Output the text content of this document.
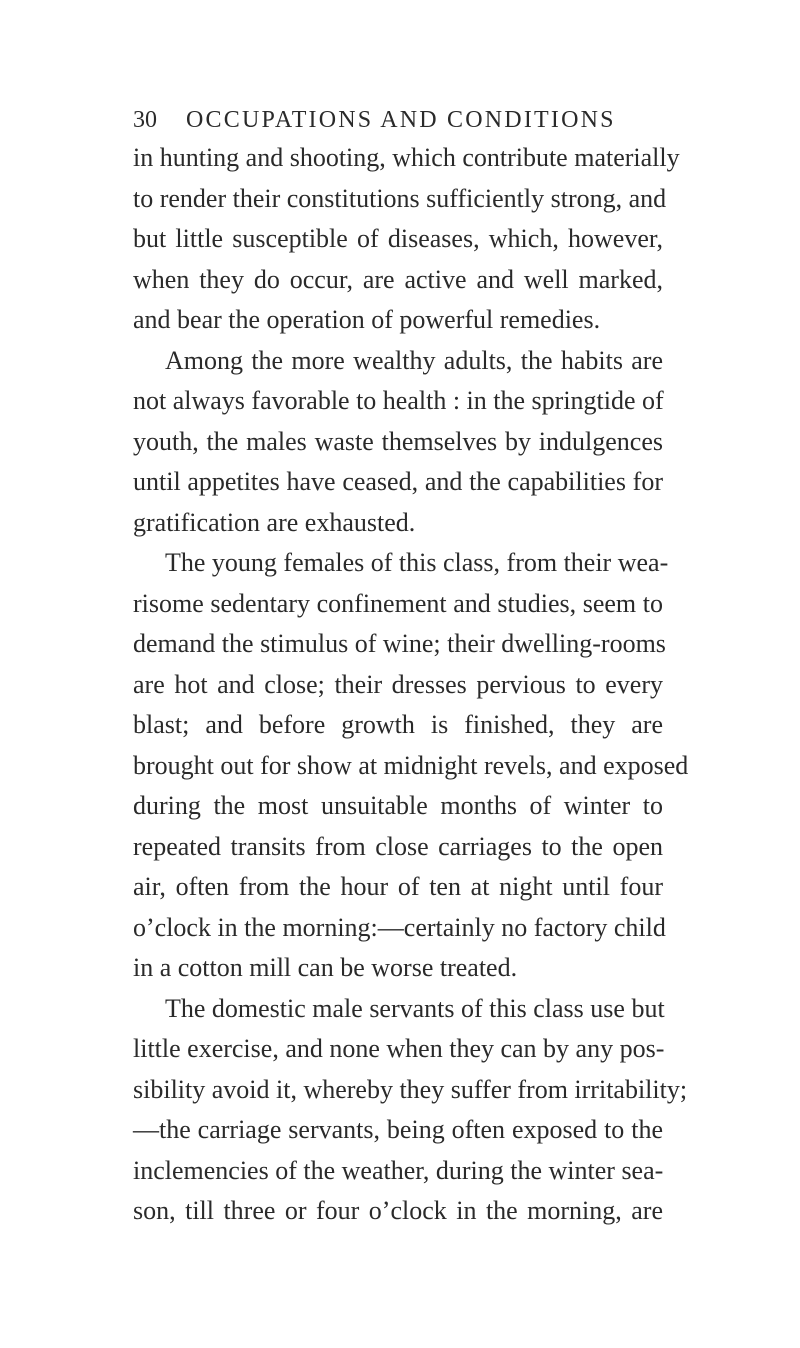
30 OCCUPATIONS AND CONDITIONS
in hunting and shooting, which contribute materially
to render their constitutions sufficiently strong, and
but little susceptible of diseases, which, however,
when they do occur, are active and well marked,
and bear the operation of powerful remedies.
Among the more wealthy adults, the habits are
not always favorable to health : in the springtide of
youth, the males waste themselves by indulgences
until appetites have ceased, and the capabilities for
gratification are exhausted.
The young females of this class, from their wea-
risome sedentary confinement and studies, seem to
demand the stimulus of wine; their dwelling-rooms
are hot and close; their dresses pervious to every
blast; and before growth is finished, they are
brought out for show at midnight revels, and exposed
during the most unsuitable months of winter to
repeated transits from close carriages to the open
air, often from the hour of ten at night until four
o’clock in the morning:—certainly no factory child
in a cotton mill can be worse treated.
The domestic male servants of this class use but
little exercise, and none when they can by any pos-
sibility avoid it, whereby they suffer from irritability;
—the carriage servants, being often exposed to the
inclemencies of the weather, during the winter sea-
son, till three or four o’clock in the morning, are
